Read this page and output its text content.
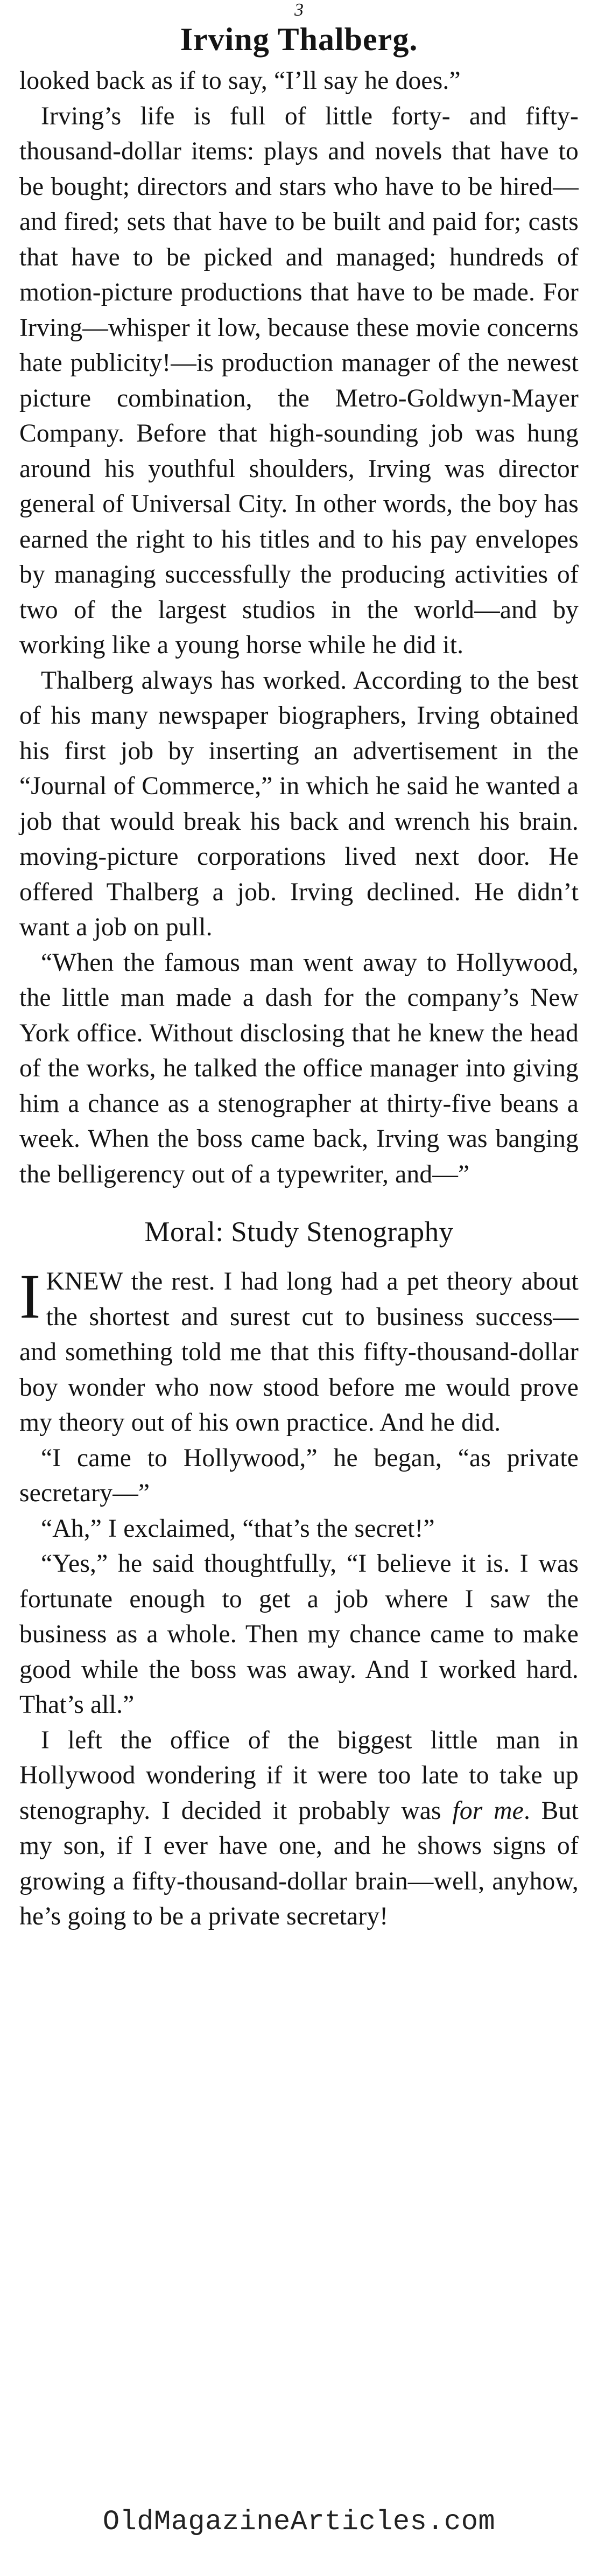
3
Irving Thalberg.

looked back as if to say, “I’ll say he does.”

Irving’s life is full of little forty- and fifty-thousand-dollar items: plays and novels that have to be bought; directors and stars who have to be hired—and fired; sets that have to be built and paid for; casts that have to be picked and managed; hundreds of motion-picture productions that have to be made. For Irving—whisper it low, because these movie concerns hate publicity!—is production manager of the newest picture combination, the Metro-Goldwyn-Mayer Company. Before that high-sounding job was hung around his youthful shoulders, Irving was director general of Universal City. In other words, the boy has earned the right to his titles and to his pay envelopes by managing successfully the producing activities of two of the largest studios in the world—and by working like a young horse while he did it.

Thalberg always has worked. According to the best of his many newspaper biographers, Irving obtained his first job by inserting an advertisement in the “Journal of Commerce,” in which he said he wanted a job that would break his back and wrench his brain. moving-picture corporations lived next door. He offered Thalberg a job. Irving declined. He didn’t want a job on pull.

“When the famous man went away to Hollywood, the little man made a dash for the company’s New York office. Without disclosing that he knew the head of the works, he talked the office manager into giving him a chance as a stenographer at thirty-five beans a week. When the boss came back, Irving was banging the belligerency out of a typewriter, and—”

Moral: Study Stenography

IKNEW the rest. I had long had a pet theory about the shortest and surest cut to business success—and something told me that this fifty-thousand-dollar boy wonder who now stood before me would prove my theory out of his own practice. And he did.

“I came to Hollywood,” he began, “as private secretary—”

“Ah,” I exclaimed, “that’s the secret!”

“Yes,” he said thoughtfully, “I believe it is. I was fortunate enough to get a job where I saw the business as a whole. Then my chance came to make good while the boss was away. And I worked hard. That’s all.”

I left the office of the biggest little man in Hollywood wondering if it were too late to take up stenography. I decided it probably was for me. But my son, if I ever have one, and he shows signs of growing a fifty-thousand-dollar brain—well, anyhow, he’s going to be a private secretary!

OldMagazineArticles.com
